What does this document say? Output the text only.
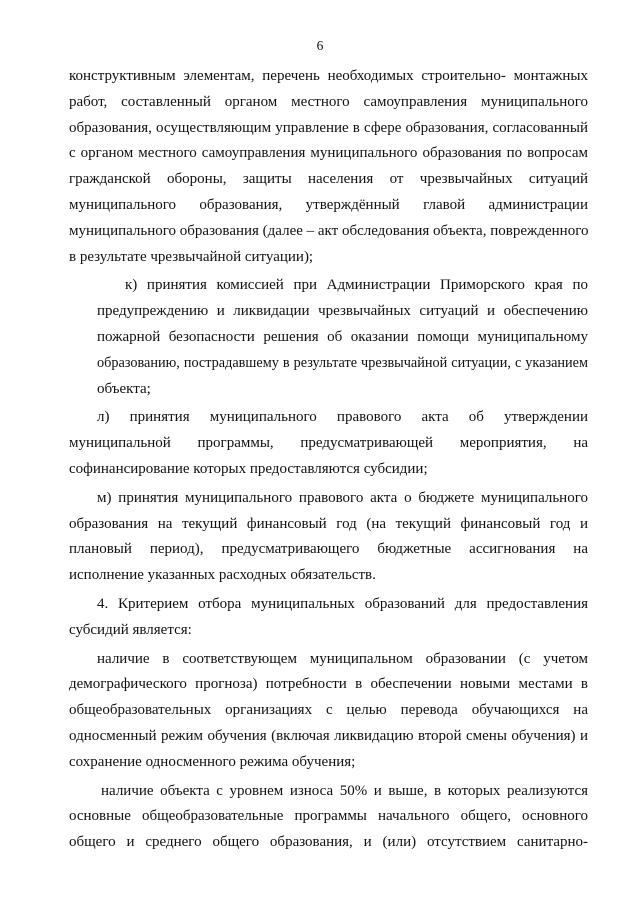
6
конструктивным элементам, перечень необходимых строительно- монтажных
работ, составленный органом местного самоуправления муниципального
образования, осуществляющим управление в сфере образования, согласованный
с органом местного самоуправления муниципального образования по вопросам
гражданской обороны, защиты населения от чрезвычайных ситуаций
муниципального образования, утверждённый главой администрации
муниципального образования (далее – акт обследования объекта, поврежденного
в результате чрезвычайной ситуации);
к) принятия комиссией при Администрации Приморского края по
предупреждению и ликвидации чрезвычайных ситуаций и обеспечению
пожарной безопасности решения об оказании помощи муниципальному
образованию, пострадавшему в результате чрезвычайной ситуации, с указанием
объекта;
л) принятия муниципального правового акта об утверждении
муниципальной программы, предусматривающей мероприятия, на
софинансирование которых предоставляются субсидии;
м) принятия муниципального правового акта о бюджете муниципального
образования на текущий финансовый год (на текущий финансовый год и
плановый период), предусматривающего бюджетные ассигнования на
исполнение указанных расходных обязательств.
4. Критерием отбора муниципальных образований для предоставления
субсидий является:
наличие в соответствующем муниципальном образовании (с учетом
демографического прогноза) потребности в обеспечении новыми местами в
общеобразовательных организациях с целью перевода обучающихся на
односменный режим обучения (включая ликвидацию второй смены обучения) и
сохранение односменного режима обучения;
наличие объекта с уровнем износа 50% и выше, в которых реализуются
основные общеобразовательные программы начального общего, основного
общего и среднего общего образования, и (или) отсутствием санитарно-
